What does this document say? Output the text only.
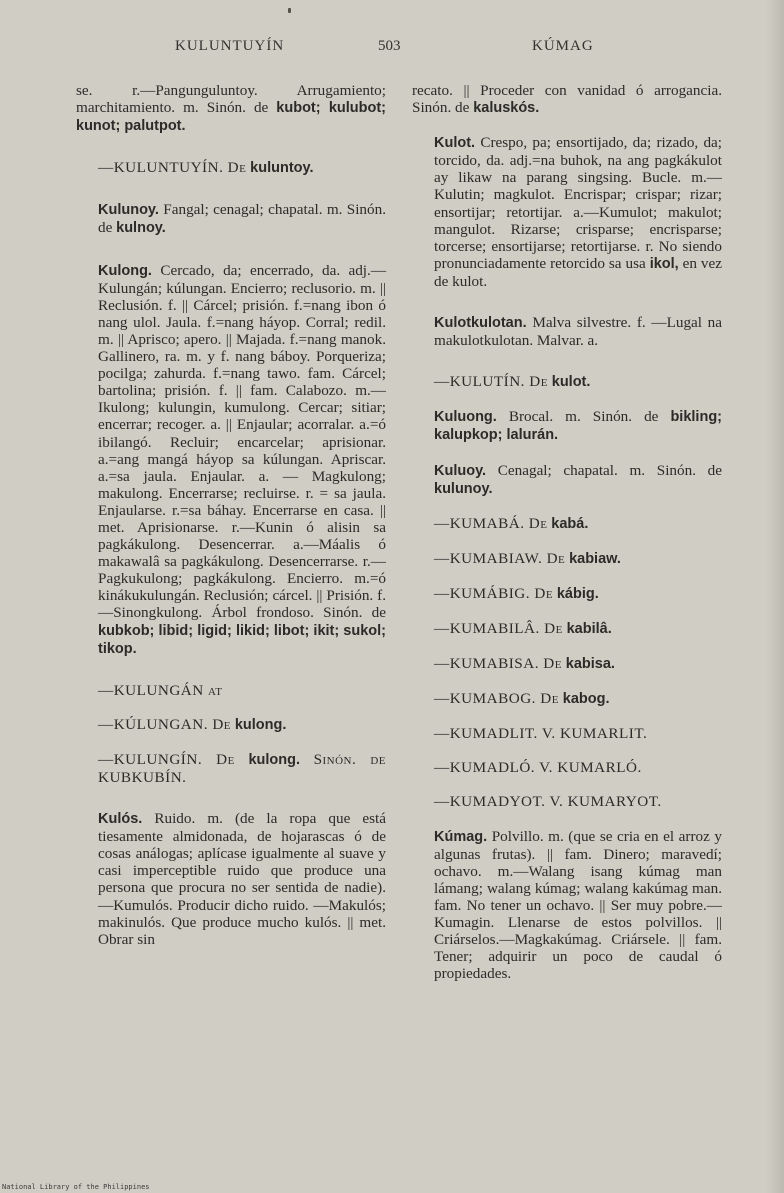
KULUNTUYÍN	503	KÚMAG

se. r.—Pangunguluntoy. Arrugamiento; marchitamiento. m. Sinón. de kubot; kulubot; kunot; palutpot.

—KULUNTUYÍN. De kuluntoy.

Kulunoy. Fangal; cenagal; chapatal. m. Sinón. de kulnoy.

Kulong. Cercado, da; encerrado, da. adj.—Kulungán; kúlungan. Encierro; reclusorio. m. || Reclusión. f. || Cárcel; prisión. f.=nang ibon ó nang ulol. Jaula. f.=nang háyop. Corral; redil. m. || Aprisco; apero. || Majada. f.=nang manok. Gallinero, ra. m. y f. nang báboy. Porqueriza; pocilga; zahurda. f.=nang tawo. fam. Cárcel; bartolina; prisión. f. || fam. Calabozo. m.—Ikulong; kulungin, kumulong. Cercar; sitiar; encerrar; recoger. a. || Enjaular; acorralar. a.=ó ibilangó. Recluir; encarcelar; aprisionar. a.=ang mangá háyop sa kúlungan. Apriscar. a.=sa jaula. Enjaular. a. — Magkulong; makulong. Encerrarse; recluirse. r. = sa jaula. Enjaularse. r.=sa báhay. Encerrarse en casa. || met. Aprisionarse. r.—Kunin ó alisin sa pagkákulong. Desencerrar. a.—Máalis ó makawalâ sa pagkákulong. Desencerrarse. r.—Pagkukulong; pagkákulong. Encierro. m.=ó kinákukulungán. Reclusión; cárcel. || Prisión. f.—Sinongkulong. Árbol frondoso. Sinón. de kubkob; libid; ligid; likid; libot; ikit; sukol; tikop.

—KULUNGÁN at

—KÚLUNGAN. De kulong.

—KULUNGÍN. De kulong. Sinón. de KUBKUBÍN.

Kulós. Ruido. m. (de la ropa que está tiesamente almidonada, de hojarascas ó de cosas análogas; aplícase igualmente al suave y casi imperceptible ruido que produce una persona que procura no ser sentida de nadie).—Kumulós. Producir dicho ruido. —Makulós; makinulós. Que produce mucho kulós. || met. Obrar sin

recato. || Proceder con vanidad ó arrogancia. Sinón. de kaluskós.

Kulot. Crespo, pa; ensortijado, da; rizado, da; torcido, da. adj.=na buhok, na ang pagkákulot ay likaw na parang singsing. Bucle. m.—Kulutin; magkulot. Encrispar; crispar; rizar; ensortijar; retortijar. a.—Kumulot; makulot; mangulot. Rizarse; crisparse; encrisparse; torcerse; ensortijarse; retortijarse. r. No siendo pronunciadamente retorcido sa usa ikol, en vez de kulot.

Kulotkulotan. Malva silvestre. f. —Lugal na makulotkulotan. Malvar. a.

—KULUTÍN. De kulot.

Kuluong. Brocal. m. Sinón. de bikling; kalupkop; lalurán.

Kuluoy. Cenagal; chapatal. m. Sinón. de kulunoy.

—KUMABÁ. De kabá.

—KUMABIAW. De kabiaw.

—KUMÁBIG. De kábig.

—KUMABILÂ. De kabilâ.

—KUMABISA. De kabisa.

—KUMABOG. De kabog.

—KUMADLIT. V. KUMARLIT.

—KUMADLÓ. V. KUMARLÓ.

—KUMADYOT. V. KUMARYOT.

Kúmag. Polvillo. m. (que se cria en el arroz y algunas frutas). || fam. Dinero; maravedí; ochavo. m.—Walang isang kúmag man lámang; walang kúmag; walang kakúmag man. fam. No tener un ochavo. || Ser muy pobre.—Kumagin. Llenarse de estos polvillos. || Criárselos.—Magkakúmag. Criársele. || fam. Tener; adquirir un poco de caudal ó propiedades.

National Library of the Philippines
